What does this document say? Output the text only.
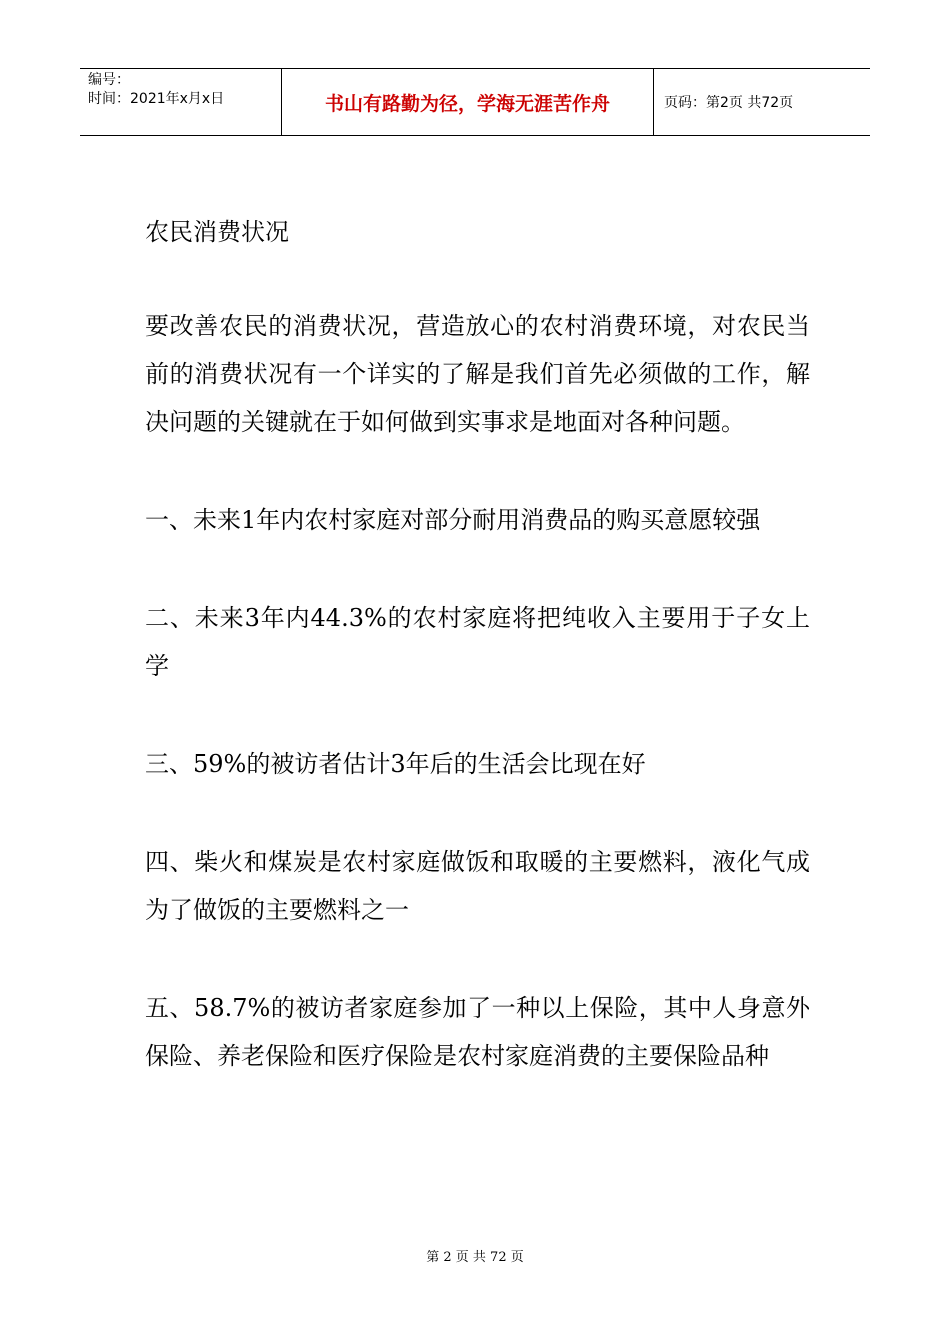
编号：
时间：2021年x月x日	书山有路勤为径，学海无涯苦作舟	页码：第2页 共72页

农民消费状况

要改善农民的消费状况，营造放心的农村消费环境，对农民当前的消费状况有一个详实的了解是我们首先必须做的工作，解决问题的关键就在于如何做到实事求是地面对各种问题。

一、未来1年内农村家庭对部分耐用消费品的购买意愿较强

二、未来3年内44.3%的农村家庭将把纯收入主要用于子女上学

三、59%的被访者估计3年后的生活会比现在好

四、柴火和煤炭是农村家庭做饭和取暖的主要燃料，液化气成为了做饭的主要燃料之一

五、58.7%的被访者家庭参加了一种以上保险，其中人身意外保险、养老保险和医疗保险是农村家庭消费的主要保险品种

第 2 页 共 72 页
